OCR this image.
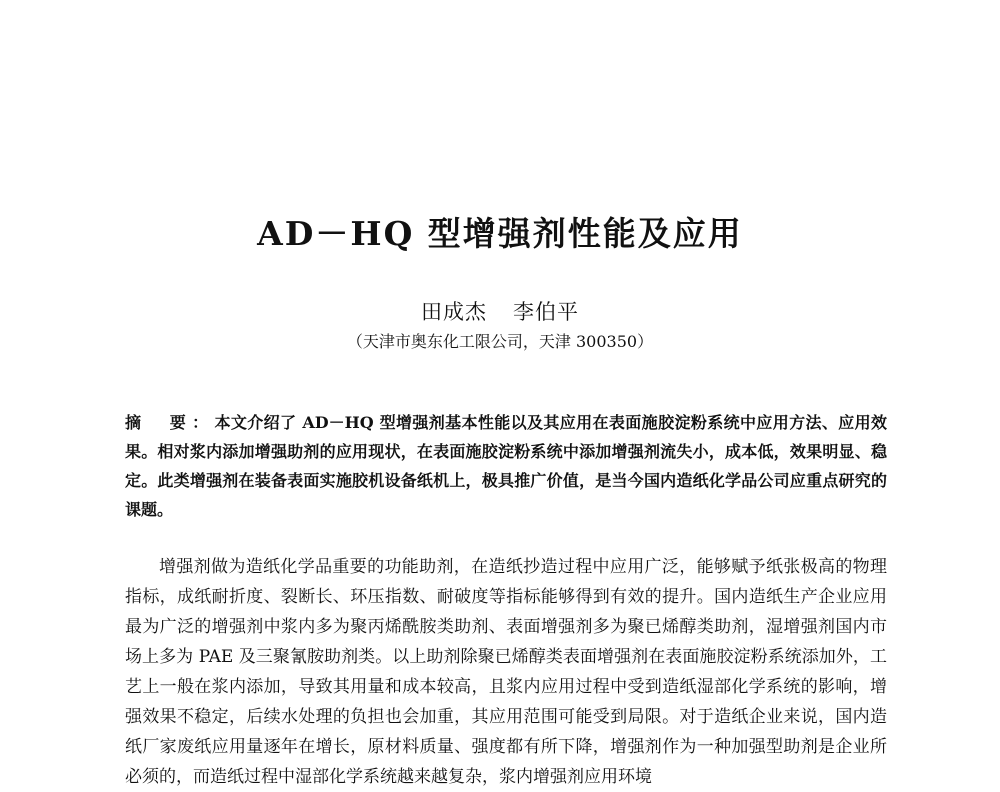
AD－HQ 型增强剂性能及应用
田成杰 李伯平
（天津市奥东化工限公司，天津 300350）
摘　要：本文介绍了 AD－HQ 型增强剂基本性能以及其应用在表面施胶淀粉系统中应用方法、应用效果。相对浆内添加增强助剂的应用现状，在表面施胶淀粉系统中添加增强剂流失小，成本低，效果明显、稳定。此类增强剂在装备表面实施胶机设备纸机上，极具推广价值，是当今国内造纸化学品公司应重点研究的课题。
增强剂做为造纸化学品重要的功能助剂，在造纸抄造过程中应用广泛，能够赋予纸张极高的物理指标，成纸耐折度、裂断长、环压指数、耐破度等指标能够得到有效的提升。国内造纸生产企业应用最为广泛的增强剂中浆内多为聚丙烯酰胺类助剂、表面增强剂多为聚已烯醇类助剂，湿增强剂国内市场上多为 PAE 及三聚氰胺助剂类。以上助剂除聚已烯醇类表面增强剂在表面施胶淀粉系统添加外，工艺上一般在浆内添加，导致其用量和成本较高，且浆内应用过程中受到造纸湿部化学系统的影响，增强效果不稳定，后续水处理的负担也会加重，其应用范围可能受到局限。对于造纸企业来说，国内造纸厂家废纸应用量逐年在增长，原材料质量、强度都有所下降，增强剂作为一种加强型助剂是企业所必须的，而造纸过程中湿部化学系统越来越复杂，浆内增强剂应用环境
